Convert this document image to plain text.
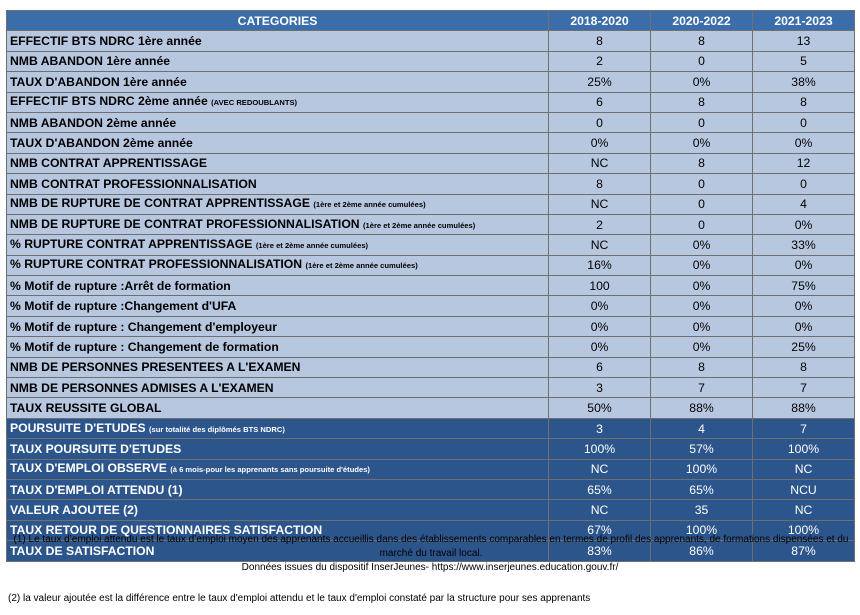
CATEGORIES	2018-2020	2020-2022	2021-2023
EFFECTIF BTS NDRC 1ère année	8	8	13
NMB ABANDON 1ère année	2	0	5
TAUX D'ABANDON 1ère année	25%	0%	38%
EFFECTIF BTS NDRC 2ème année (AVEC REDOUBLANTS)	6	8	8
NMB ABANDON 2ème année	0	0	0
TAUX D'ABANDON 2ème année	0%	0%	0%
NMB CONTRAT APPRENTISSAGE	NC	8	12
NMB CONTRAT PROFESSIONNALISATION	8	0	0
NMB DE RUPTURE DE CONTRAT APPRENTISSAGE (1ère et 2ème année cumulées)	NC	0	4
NMB DE RUPTURE DE CONTRAT PROFESSIONNALISATION (1ère et 2ème année cumulées)	2	0	0%
% RUPTURE CONTRAT APPRENTISSAGE (1ère et 2ème année cumulées)	NC	0%	33%
% RUPTURE CONTRAT PROFESSIONNALISATION (1ère et 2ème année cumulées)	16%	0%	0%
% Motif de rupture :Arrêt de formation	100	0%	75%
% Motif de rupture :Changement d'UFA	0%	0%	0%
% Motif de rupture : Changement d'employeur	0%	0%	0%
% Motif de rupture : Changement de formation	0%	0%	25%
NMB DE PERSONNES PRESENTEES A L'EXAMEN	6	8	8
NMB DE PERSONNES ADMISES A L'EXAMEN	3	7	7
TAUX REUSSITE GLOBAL	50%	88%	88%
POURSUITE D'ETUDES (sur totalité des diplômés BTS NDRC)	3	4	7
TAUX POURSUITE D'ETUDES	100%	57%	100%
TAUX D'EMPLOI OBSERVE (à 6 mois-pour les apprenants sans poursuite d'études)	NC	100%	NC
TAUX D'EMPLOI ATTENDU (1)	65%	65%	NCU
VALEUR AJOUTEE (2)	NC	35	NC
TAUX RETOUR DE QUESTIONNAIRES SATISFACTION	67%	100%	100%
TAUX DE SATISFACTION	83%	86%	87%
(1) Le taux d’emploi attendu est le taux d’emploi moyen des apprenants accueillis dans des établissements comparables en termes de profil des apprenants, de formations dispensées et du marché du travail local.
Données issues du dispositif InserJeunes- https://www.inserjeunes.education.gouv.fr/
(2) la valeur ajoutée est la différence entre le taux d'emploi attendu et le taux d'emploi constaté par la structure pour ses apprenants
